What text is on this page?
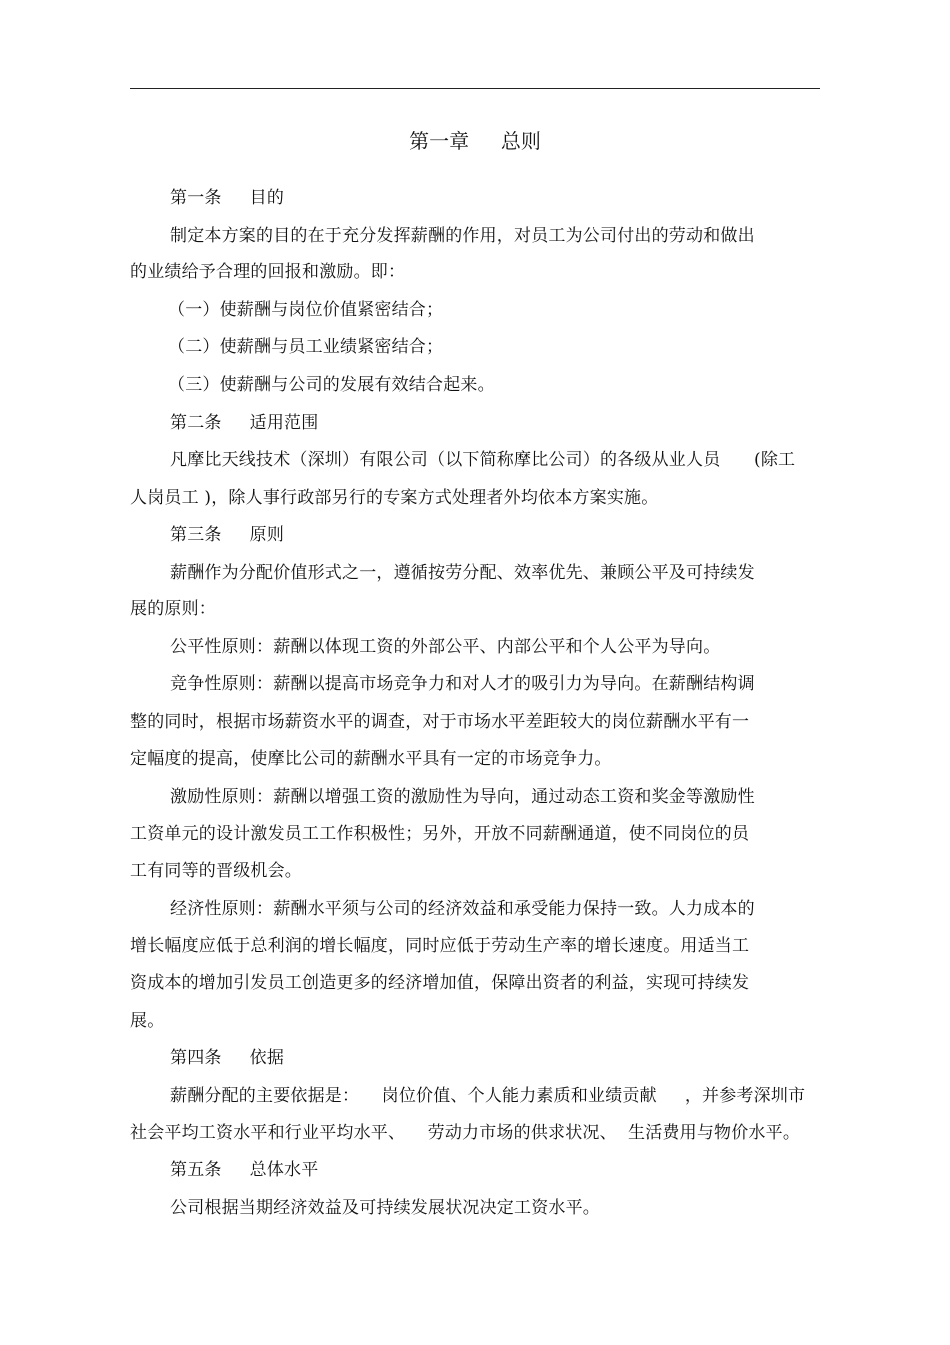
第一章     总则
第一条     目的
制定本方案的目的在于充分发挥薪酬的作用，对员工为公司付出的劳动和做出
的业绩给予合理的回报和激励。即：
（一）使薪酬与岗位价值紧密结合；
（二）使薪酬与员工业绩紧密结合；
（三）使薪酬与公司的发展有效结合起来。
第二条     适用范围
凡摩比天线技术（深圳）有限公司（以下简称摩比公司）的各级从业人员      (除工
人岗员工 )，除人事行政部另行的专案方式处理者外均依本方案实施。
第三条     原则
薪酬作为分配价值形式之一，遵循按劳分配、效率优先、兼顾公平及可持续发
展的原则：
公平性原则：薪酬以体现工资的外部公平、内部公平和个人公平为导向。
竞争性原则：薪酬以提高市场竞争力和对人才的吸引力为导向。在薪酬结构调
整的同时，根据市场薪资水平的调查，对于市场水平差距较大的岗位薪酬水平有一
定幅度的提高，使摩比公司的薪酬水平具有一定的市场竞争力。
激励性原则：薪酬以增强工资的激励性为导向，通过动态工资和奖金等激励性
工资单元的设计激发员工工作积极性；另外，开放不同薪酬通道，使不同岗位的员
工有同等的晋级机会。
经济性原则：薪酬水平须与公司的经济效益和承受能力保持一致。人力成本的
增长幅度应低于总利润的增长幅度，同时应低于劳动生产率的增长速度。用适当工
资成本的增加引发员工创造更多的经济增加值，保障出资者的利益，实现可持续发
展。
第四条     依据
薪酬分配的主要依据是：    岗位价值、个人能力素质和业绩贡献     ，并参考深圳市
社会平均工资水平和行业平均水平、    劳动力市场的供求状况、  生活费用与物价水平。
第五条     总体水平
公司根据当期经济效益及可持续发展状况决定工资水平。
